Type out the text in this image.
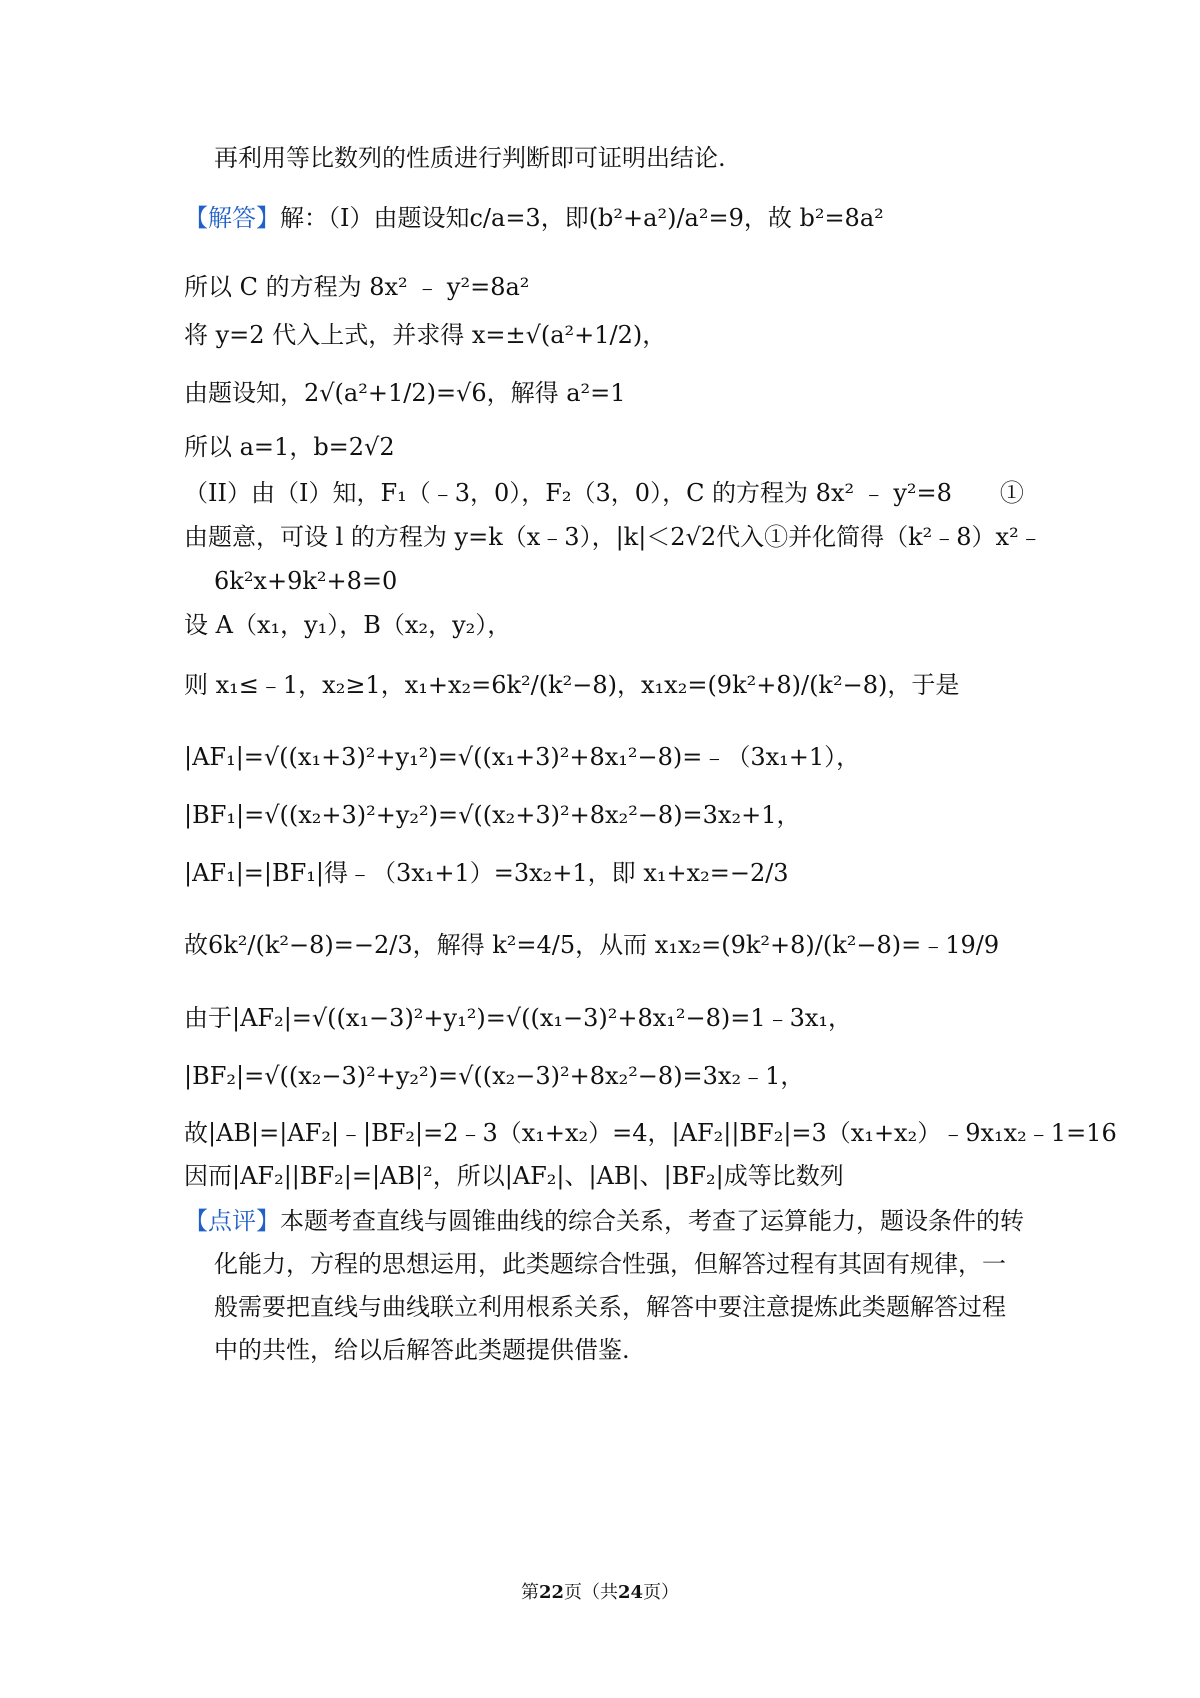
再利用等比数列的性质进行判断即可证明出结论.
【解答】解：（I）由题设知c/a=3，即(b²+a²)/a²=9，故 b²=8a²
所以 C 的方程为 8x² ﹣ y²=8a²
将 y=2 代入上式，并求得 x=±√(a²+1/2)，
由题设知，2√(a²+1/2)=√6，解得 a²=1
所以 a=1，b=2√2
（II）由（I）知，F₁（﹣3，0），F₂（3，0），C 的方程为 8x² ﹣ y²=8　　①
由题意，可设 l 的方程为 y=k（x﹣3），|k|＜2√2代入①并化简得（k²﹣8）x²﹣
6k²x+9k²+8=0
设 A（x₁，y₁），B（x₂，y₂），
则 x₁≤﹣1，x₂≥1，x₁+x₂=6k²/(k²−8)，x₁x₂=(9k²+8)/(k²−8)，于是
|AF₁|=√((x₁+3)²+y₁²)=√((x₁+3)²+8x₁²−8)=﹣（3x₁+1），
|BF₁|=√((x₂+3)²+y₂²)=√((x₂+3)²+8x₂²−8)=3x₂+1，
|AF₁|=|BF₁|得﹣（3x₁+1）=3x₂+1，即 x₁+x₂=−2/3
故6k²/(k²−8)=−2/3，解得 k²=4/5，从而 x₁x₂=(9k²+8)/(k²−8)=﹣19/9
由于|AF₂|=√((x₁−3)²+y₁²)=√((x₁−3)²+8x₁²−8)=1﹣3x₁，
|BF₂|=√((x₂−3)²+y₂²)=√((x₂−3)²+8x₂²−8)=3x₂﹣1，
故|AB|=|AF₂|﹣|BF₂|=2﹣3（x₁+x₂）=4，|AF₂||BF₂|=3（x₁+x₂）﹣9x₁x₂﹣1=16
因而|AF₂||BF₂|=|AB|²，所以|AF₂|、|AB|、|BF₂|成等比数列
【点评】本题考查直线与圆锥曲线的综合关系，考查了运算能力，题设条件的转
化能力，方程的思想运用，此类题综合性强，但解答过程有其固有规律，一
般需要把直线与曲线联立利用根系关系，解答中要注意提炼此类题解答过程
中的共性，给以后解答此类题提供借鉴.
第22页（共24页）
